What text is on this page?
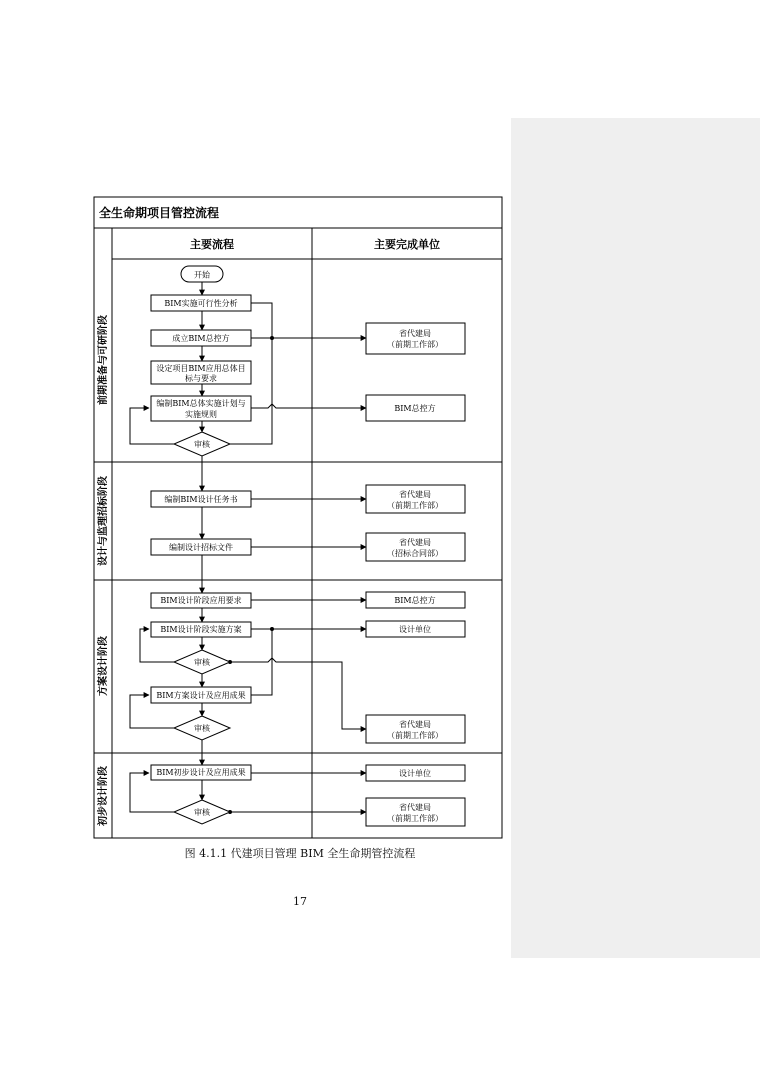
全生命期项目管控流程
主要流程	主要完成单位
前期准备与可研阶段
设计与监理招标阶段
方案设计阶段
初步设计阶段
开始
BIM实施可行性分析
成立BIM总控方
设定项目BIM应用总体目
标与要求
编制BIM总体实施计划与
实施规则
审核
编制BIM设计任务书
编制设计招标文件
BIM设计阶段应用要求
BIM设计阶段实施方案
审核
BIM方案设计及应用成果
审核
BIM初步设计及应用成果
审核
省代建局
（前期工作部）
BIM总控方
省代建局
（前期工作部）
省代建局
（招标合同部）
BIM总控方
设计单位
省代建局
（前期工作部）
设计单位
省代建局
（前期工作部）
图 4.1.1 代建项目管理 BIM 全生命期管控流程
17
